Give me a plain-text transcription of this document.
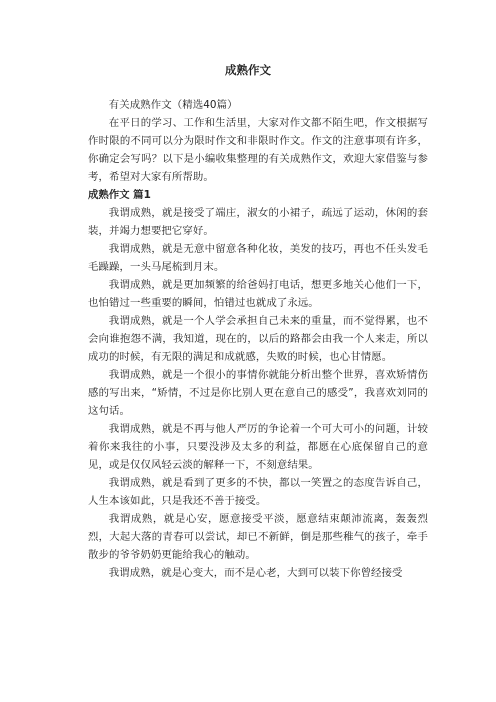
成熟作文

有关成熟作文（精选40篇）

在平日的学习、工作和生活里，大家对作文都不陌生吧，作文根据写作时限的不同可以分为限时作文和非限时作文。作文的注意事项有许多，你确定会写吗？以下是小编收集整理的有关成熟作文，欢迎大家借鉴与参考，希望对大家有所帮助。

成熟作文 篇1

我谓成熟，就是接受了端庄，淑女的小裙子，疏远了运动，休闲的套装，并竭力想要把它穿好。

我谓成熟，就是无意中留意各种化妆，美发的技巧，再也不任头发毛毛躁躁，一头马尾梳到月末。

我谓成熟，就是更加频繁的给爸妈打电话，想更多地关心他们一下，也怕错过一些重要的瞬间，怕错过也就成了永远。

我谓成熟，就是一个人学会承担自己未来的重量，而不觉得累，也不会向谁抱怨不满，我知道，现在的，以后的路都会由我一个人来走，所以成功的时候，有无限的满足和成就感，失败的时候，也心甘情愿。

我谓成熟，就是一个很小的事情你就能分析出整个世界，喜欢矫情伤感的写出来，“矫情，不过是你比别人更在意自己的感受”，我喜欢刘同的这句话。

我谓成熟，就是不再与他人严厉的争论着一个可大可小的问题，计较着你来我往的小事，只要没涉及太多的利益，都愿在心底保留自己的意见，或是仅仅风轻云淡的解释一下，不刻意结果。

我谓成熟，就是看到了更多的不快，都以一笑置之的态度告诉自己，人生本该如此，只是我还不善于接受。

我谓成熟，就是心安，愿意接受平淡，愿意结束颠沛流离，轰轰烈烈，大起大落的青春可以尝试，却已不新鲜，倒是那些稚气的孩子，牵手散步的爷爷奶奶更能给我心的触动。

我谓成熟，就是心变大，而不是心老，大到可以装下你曾经接受
